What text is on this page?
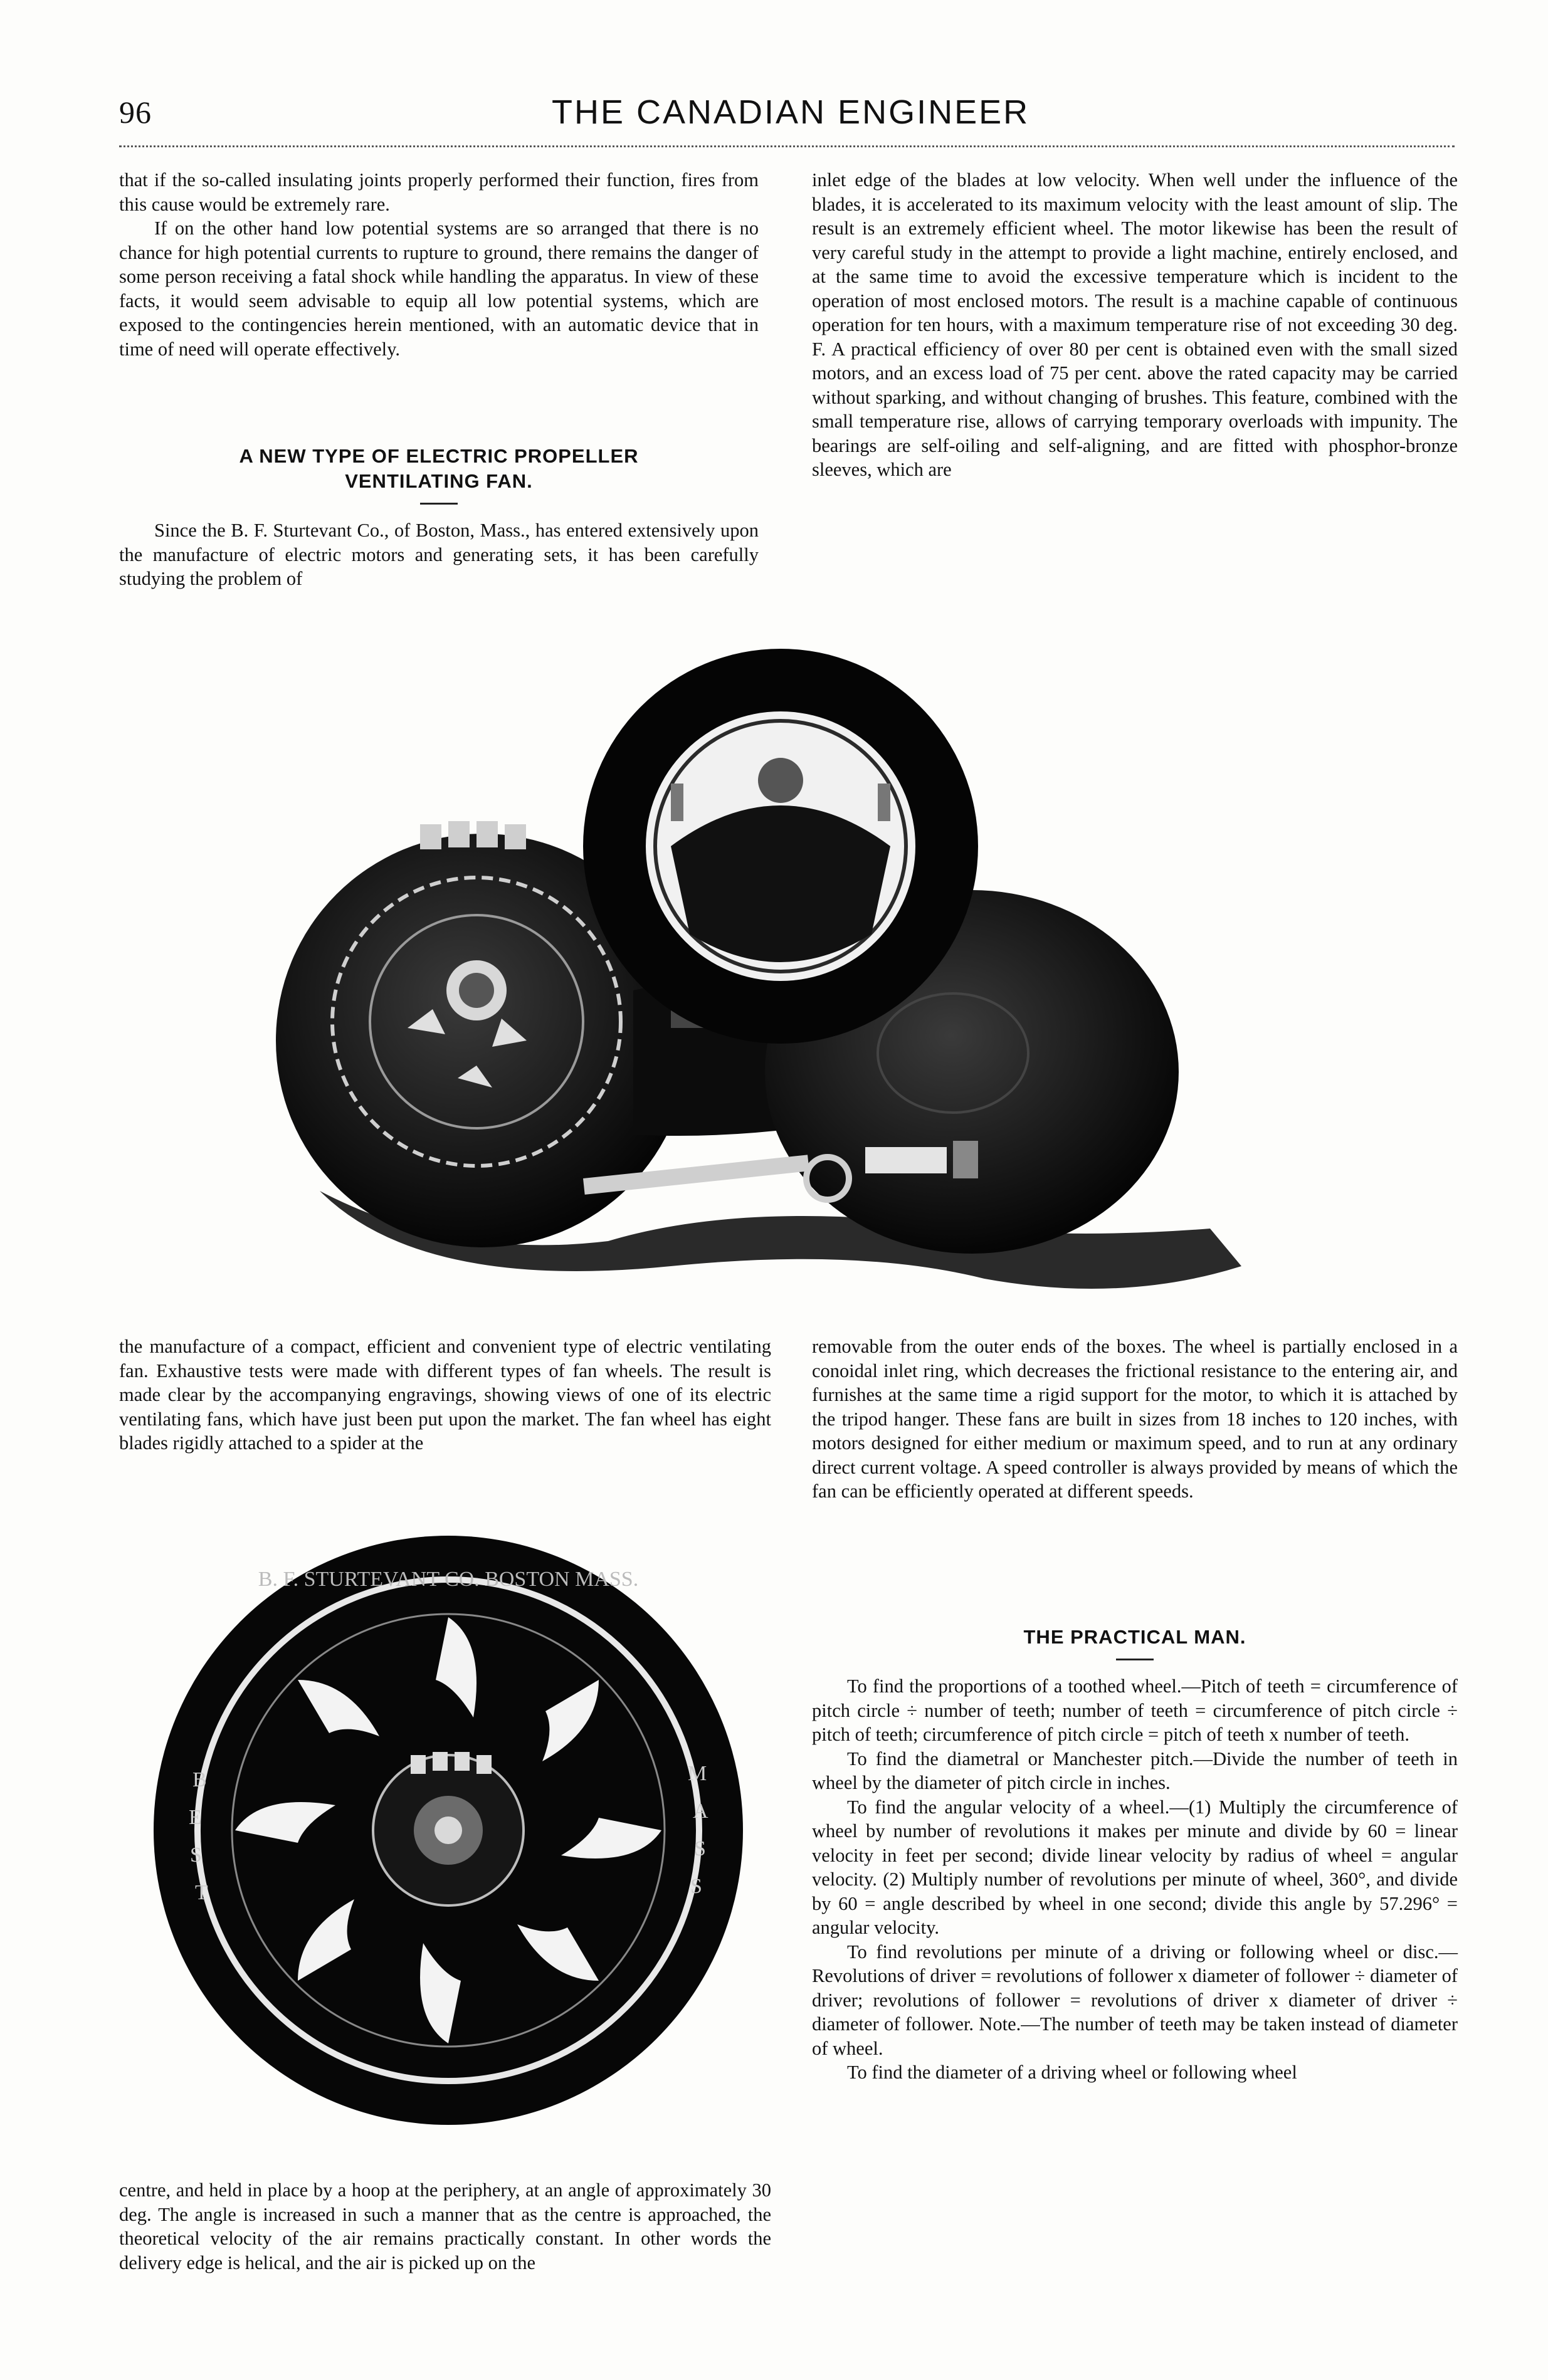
96	THE CANADIAN ENGINEER

that if the so-called insulating joints properly performed their function, fires from this cause would be extremely rare.

If on the other hand low potential systems are so arranged that there is no chance for high potential currents to rupture to ground, there remains the danger of some person receiving a fatal shock while handling the apparatus. In view of these facts, it would seem advisable to equip all low potential systems, which are exposed to the contingencies herein mentioned, with an automatic device that in time of need will operate effectively.

A NEW TYPE OF ELECTRIC PROPELLER
VENTILATING FAN.

Since the B. F. Sturtevant Co., of Boston, Mass., has entered extensively upon the manufacture of electric motors and generating sets, it has been carefully studying the problem of

inlet edge of the blades at low velocity. When well under the influence of the blades, it is accelerated to its maximum velocity with the least amount of slip. The result is an extremely efficient wheel. The motor likewise has been the result of very careful study in the attempt to provide a light machine, entirely enclosed, and at the same time to avoid the excessive temperature which is incident to the operation of most enclosed motors. The result is a machine capable of continuous operation for ten hours, with a maximum temperature rise of not exceeding 30 deg. F. A practical efficiency of over 80 per cent is obtained even with the small sized motors, and an excess load of 75 per cent. above the rated capacity may be carried without sparking, and without changing of brushes. This feature, combined with the small temperature rise, allows of carrying temporary overloads with impunity. The bearings are self-oiling and self-aligning, and are fitted with phosphor-bronze sleeves, which are

the manufacture of a compact, efficient and convenient type of electric ventilating fan. Exhaustive tests were made with different types of fan wheels. The result is made clear by the accompanying engravings, showing views of one of its electric ventilating fans, which have just been put upon the market. The fan wheel has eight blades rigidly attached to a spider at the

removable from the outer ends of the boxes. The wheel is partially enclosed in a conoidal inlet ring, which decreases the frictional resistance to the entering air, and furnishes at the same time a rigid support for the motor, to which it is attached by the tripod hanger. These fans are built in sizes from 18 inches to 120 inches, with motors designed for either medium or maximum speed, and to run at any ordinary direct current voltage. A speed controller is always provided by means of which the fan can be efficiently operated at different speeds.

B. F. STURTEVANT CO. BOSTON MASS.
B
E
S
T
M
A
S
S

centre, and held in place by a hoop at the periphery, at an angle of approximately 30 deg. The angle is increased in such a manner that as the centre is approached, the theoretical velocity of the air remains practically constant. In other words the delivery edge is helical, and the air is picked up on the

THE PRACTICAL MAN.

To find the proportions of a toothed wheel.—Pitch of teeth = circumference of pitch circle ÷ number of teeth; number of teeth = circumference of pitch circle ÷ pitch of teeth; circumference of pitch circle = pitch of teeth x number of teeth.

To find the diametral or Manchester pitch.—Divide the number of teeth in wheel by the diameter of pitch circle in inches.

To find the angular velocity of a wheel.—(1) Multiply the circumference of wheel by number of revolutions it makes per minute and divide by 60 = linear velocity in feet per second; divide linear velocity by radius of wheel = angular velocity. (2) Multiply number of revolutions per minute of wheel, 360°, and divide by 60 = angle described by wheel in one second; divide this angle by 57.296° = angular velocity.

To find revolutions per minute of a driving or following wheel or disc.—Revolutions of driver = revolutions of follower x diameter of follower ÷ diameter of driver; revolutions of follower = revolutions of driver x diameter of driver ÷ diameter of follower. Note.—The number of teeth may be taken instead of diameter of wheel.

To find the diameter of a driving wheel or following wheel
